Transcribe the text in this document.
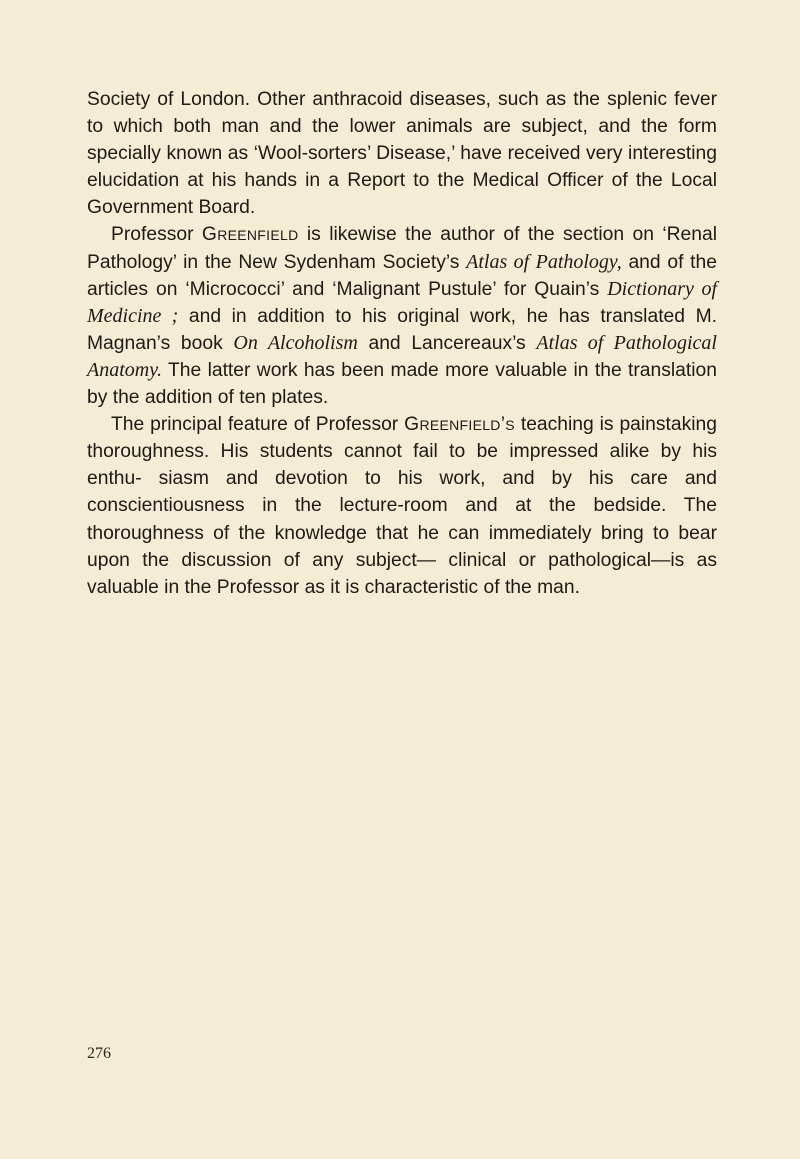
Society of London. Other anthracoid diseases, such as the splenic fever to which both man and the lower animals are subject, and the form specially known as ‘Wool-sorters’ Disease,’ have received very interesting elucidation at his hands in a Report to the Medical Officer of the Local Government Board.

Professor Greenfield is likewise the author of the section on ‘Renal Pathology’ in the New Sydenham Society’s Atlas of Pathology, and of the articles on ‘Micrococci’ and ‘Malignant Pustule’ for Quain’s Dictionary of Medicine ; and in addition to his original work, he has translated M. Magnan’s book On Alcoholism and Lancereaux’s Atlas of Pathological Anatomy. The latter work has been made more valuable in the translation by the addition of ten plates.

The principal feature of Professor Greenfield’s teaching is painstaking thoroughness. His students cannot fail to be impressed alike by his enthu- siasm and devotion to his work, and by his care and conscientiousness in the lecture-room and at the bedside. The thoroughness of the knowledge that he can immediately bring to bear upon the discussion of any subject— clinical or pathological—is as valuable in the Professor as it is characteristic of the man.

276
